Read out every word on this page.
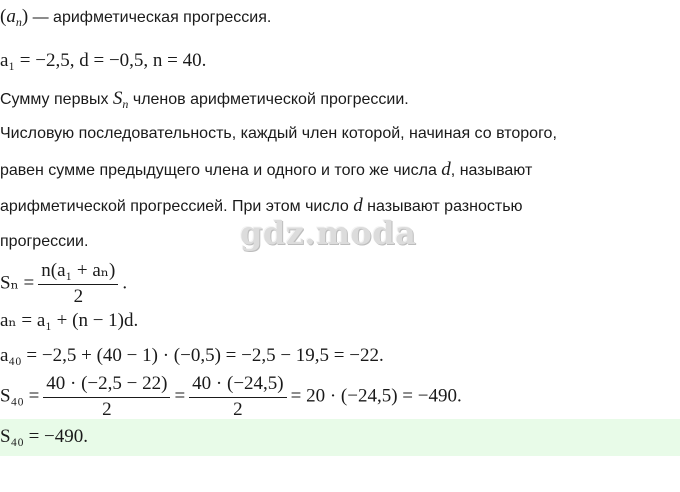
gdz.moda
$(a_n)$ — арифметическая прогрессия.
a₁ = −2,5, d = −0,5, n = 40.
Сумму первых $S_n$ членов арифметической прогрессии.
Числовую последовательность, каждый член которой, начиная со второго,
равен сумме предыдущего члена и одного и того же числа d, называют
арифметической прогрессией. При этом число d называют разностью
прогрессии.
$S_n = \frac{\text{n(a₁ + aₙ)}}{2}$ .
aₙ = a₁ + (n − 1)d.
a₄₀ = −2,5 + (40 − 1) · (−0,5) = −2,5 − 19,5 = −22.
$S_{40} = \frac{40 \cdot (-2,5 - 22)}{2} = \frac{40 \cdot (-24,5)}{2} = 20 \cdot (-24,5) = -490$.
S₄₀ = −490.
